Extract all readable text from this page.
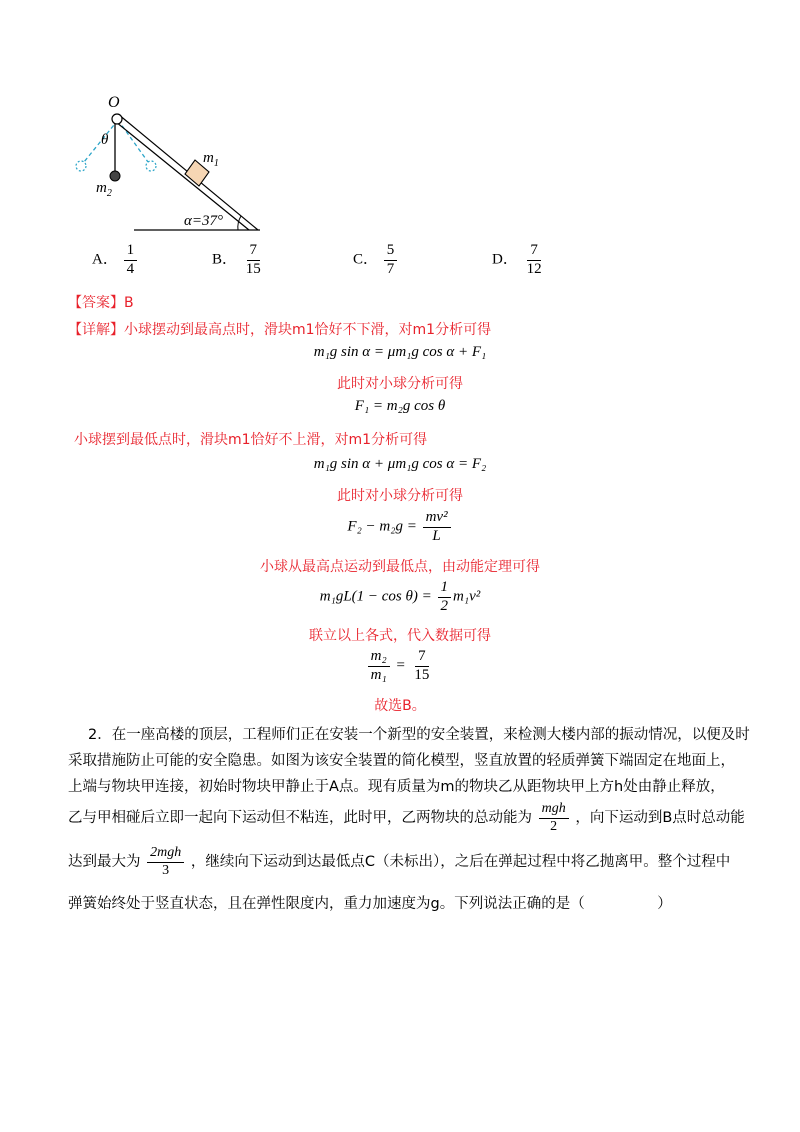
O
θ
$m_2$
$m_1$
α=37°
A． $\frac{1}{4}$	B． $\frac{7}{15}$	C． $\frac{5}{7}$	D． $\frac{7}{12}$
【答案】B
【详解】小球摆动到最高点时，滑块m1恰好不下滑，对m1分析可得
m₁g sin α = μm₁g cos α + F₁
此时对小球分析可得
F₁ = m₂g cos θ
小球摆到最低点时，滑块m1恰好不上滑，对m1分析可得
m₁g sin α + μm₁g cos α = F₂
此时对小球分析可得
$F_2 - m_2g = \frac{\text{mv²}}{L}$
小球从最高点运动到最低点，由动能定理可得
$m_1gL(1 - \cos \theta) = \frac{1}{2} m_1v^2$
联立以上各式，代入数据可得
$\frac{\text{m₂}}{\text{m₁}} = \frac{7}{15}$
故选B。
2．在一座高楼的顶层，工程师们正在安装一个新型的安全装置，来检测大楼内部的振动情况，以便及时
采取措施防止可能的安全隐患。如图为该安全装置的简化模型，竖直放置的轻质弹簧下端固定在地面上，
上端与物块甲连接，初始时物块甲静止于A点。现有质量为m的物块乙从距物块甲上方h处由静止释放，
乙与甲相碰后立即一起向下运动但不粘连，此时甲，乙两物块的总动能为 $\frac{\text{mgh}}{2}$ ，向下运动到B点时总动能
达到最大为 $\frac{\text{2mgh}}{3}$ ，继续向下运动到达最低点C（未标出），之后在弹起过程中将乙抛离甲。整个过程中
弹簧始终处于竖直状态，且在弹性限度内，重力加速度为g。下列说法正确的是（　　　　　）
